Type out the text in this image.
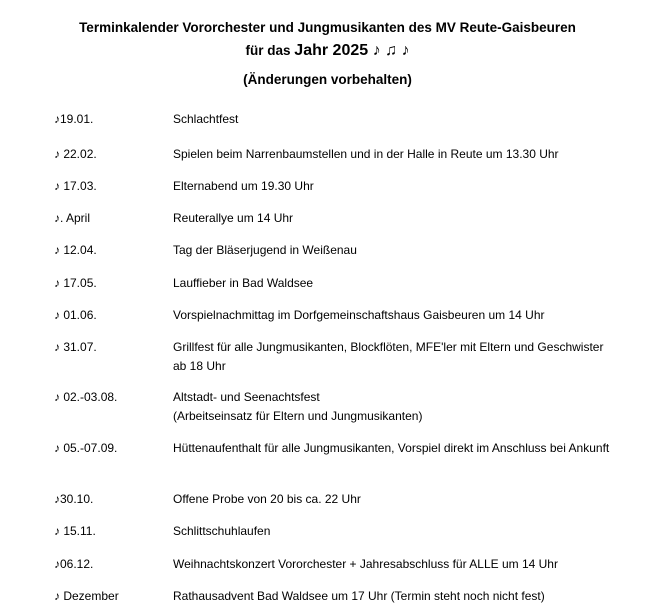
Terminkalender Vororchester und Jungmusikanten des MV Reute-Gaisbeuren
für das Jahr 2025 ♪ ♫ ♪
(Änderungen vorbehalten)
♪19.01.	Schlachtfest
♪ 22.02.	Spielen beim Narrenbaumstellen und in der Halle in Reute um 13.30 Uhr
♪ 17.03.	Elternabend um 19.30 Uhr
♪. April	Reuterallye um 14 Uhr
♪ 12.04.	Tag der Bläserjugend in Weißenau
♪ 17.05.	Lauffieber in Bad Waldsee
♪ 01.06.	Vorspielnachmittag im Dorfgemeinschaftshaus Gaisbeuren um 14 Uhr
♪ 31.07.	Grillfest für alle Jungmusikanten, Blockflöten, MFE'ler mit Eltern und Geschwister ab 18 Uhr
♪ 02.-03.08.	Altstadt- und Seenachtsfest
(Arbeitseinsatz für Eltern und Jungmusikanten)
♪ 05.-07.09.	Hüttenaufenthalt für alle Jungmusikanten, Vorspiel direkt im Anschluss bei Ankunft
♪30.10.	Offene Probe von 20 bis ca. 22 Uhr
♪ 15.11.	Schlittschuhlaufen
♪06.12.	Weihnachtskonzert Vororchester + Jahresabschluss für ALLE um 14 Uhr
♪ Dezember	Rathausadvent Bad Waldsee um 17 Uhr (Termin steht noch nicht fest)
